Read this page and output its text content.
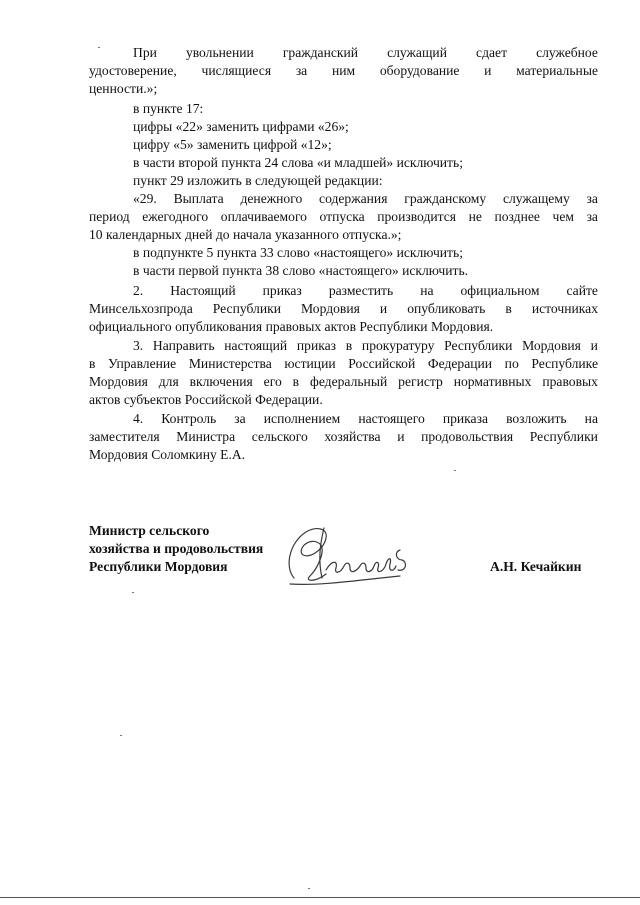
При увольнении гражданский служащий сдает служебное
удостоверение, числящиеся за ним оборудование и материальные
ценности.»;
в пункте 17:
цифры «22» заменить цифрами «26»;
цифру «5» заменить цифрой «12»;
в части второй пункта 24 слова «и младшей» исключить;
пункт 29 изложить в следующей редакции:
«29. Выплата денежного содержания гражданскому служащему за
период ежегодного оплачиваемого отпуска производится не позднее чем за
10 календарных дней до начала указанного отпуска.»;
в подпункте 5 пункта 33 слово «настоящего» исключить;
в части первой пункта 38 слово «настоящего» исключить.
2. Настоящий приказ разместить на официальном сайте
Минсельхозпрода Республики Мордовия и опубликовать в источниках
официального опубликования правовых актов Республики Мордовия.
3. Направить настоящий приказ в прокуратуру Республики Мордовия и
в Управление Министерства юстиции Российской Федерации по Республике
Мордовия для включения его в федеральный регистр нормативных правовых
актов субъектов Российской Федерации.
4. Контроль за исполнением настоящего приказа возложить на
заместителя Министра сельского хозяйства и продовольствия Республики
Мордовия Соломкину Е.А.
Министр сельского
хозяйства и продовольствия
Республики Мордовия	А.Н. Кечайкин
